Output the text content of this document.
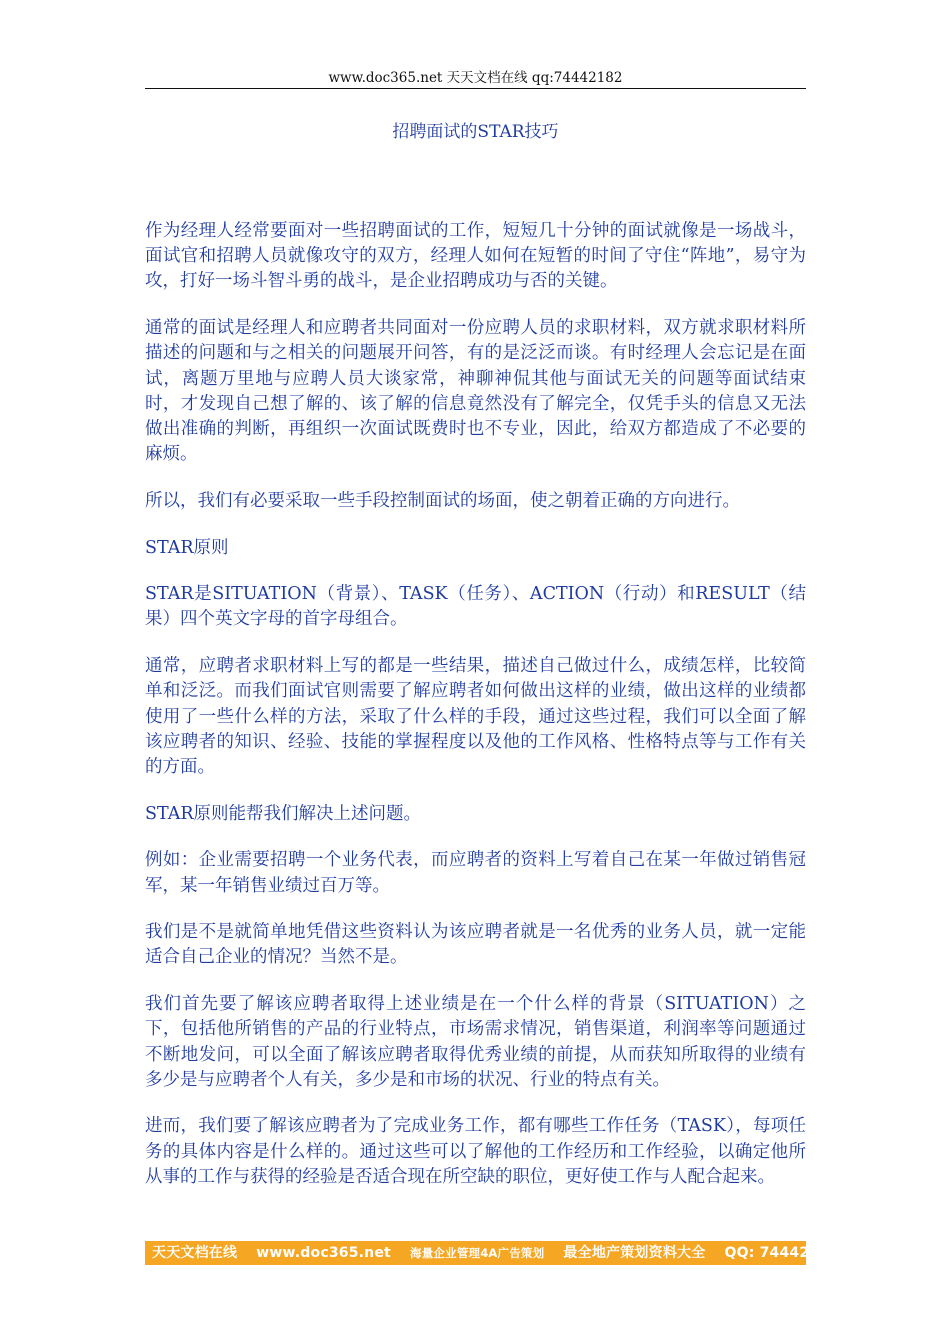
www.doc365.net 天天文档在线 qq:74442182
招聘面试的STAR技巧

作为经理人经常要面对一些招聘面试的工作，短短几十分钟的面试就像是一场战斗，面试官和招聘人员就像攻守的双方，经理人如何在短暂的时间了守住“阵地”，易守为攻，打好一场斗智斗勇的战斗，是企业招聘成功与否的关键。

通常的面试是经理人和应聘者共同面对一份应聘人员的求职材料，双方就求职材料所描述的问题和与之相关的问题展开问答，有的是泛泛而谈。有时经理人会忘记是在面试，离题万里地与应聘人员大谈家常，神聊神侃其他与面试无关的问题等面试结束时，才发现自己想了解的、该了解的信息竟然没有了解完全，仅凭手头的信息又无法做出准确的判断，再组织一次面试既费时也不专业，因此，给双方都造成了不必要的麻烦。

所以，我们有必要采取一些手段控制面试的场面，使之朝着正确的方向进行。

STAR原则

STAR是SITUATION（背景）、TASK（任务）、ACTION（行动）和RESULT（结果）四个英文字母的首字母组合。

通常，应聘者求职材料上写的都是一些结果，描述自己做过什么，成绩怎样，比较简单和泛泛。而我们面试官则需要了解应聘者如何做出这样的业绩，做出这样的业绩都使用了一些什么样的方法，采取了什么样的手段，通过这些过程，我们可以全面了解该应聘者的知识、经验、技能的掌握程度以及他的工作风格、性格特点等与工作有关的方面。

STAR原则能帮我们解决上述问题。

例如：企业需要招聘一个业务代表，而应聘者的资料上写着自己在某一年做过销售冠军，某一年销售业绩过百万等。

我们是不是就简单地凭借这些资料认为该应聘者就是一名优秀的业务人员，就一定能适合自己企业的情况？当然不是。

我们首先要了解该应聘者取得上述业绩是在一个什么样的背景（SITUATION）之下，包括他所销售的产品的行业特点，市场需求情况，销售渠道，利润率等问题通过不断地发问，可以全面了解该应聘者取得优秀业绩的前提，从而获知所取得的业绩有多少是与应聘者个人有关，多少是和市场的状况、行业的特点有关。

进而，我们要了解该应聘者为了完成业务工作，都有哪些工作任务（TASK），每项任务的具体内容是什么样的。通过这些可以了解他的工作经历和工作经验，以确定他所从事的工作与获得的经验是否适合现在所空缺的职位，更好使工作与人配合起来。

天天文档在线 www.doc365.net 海量企业管理4A广告策划 最全地产策划资料大全 QQ: 744421982
